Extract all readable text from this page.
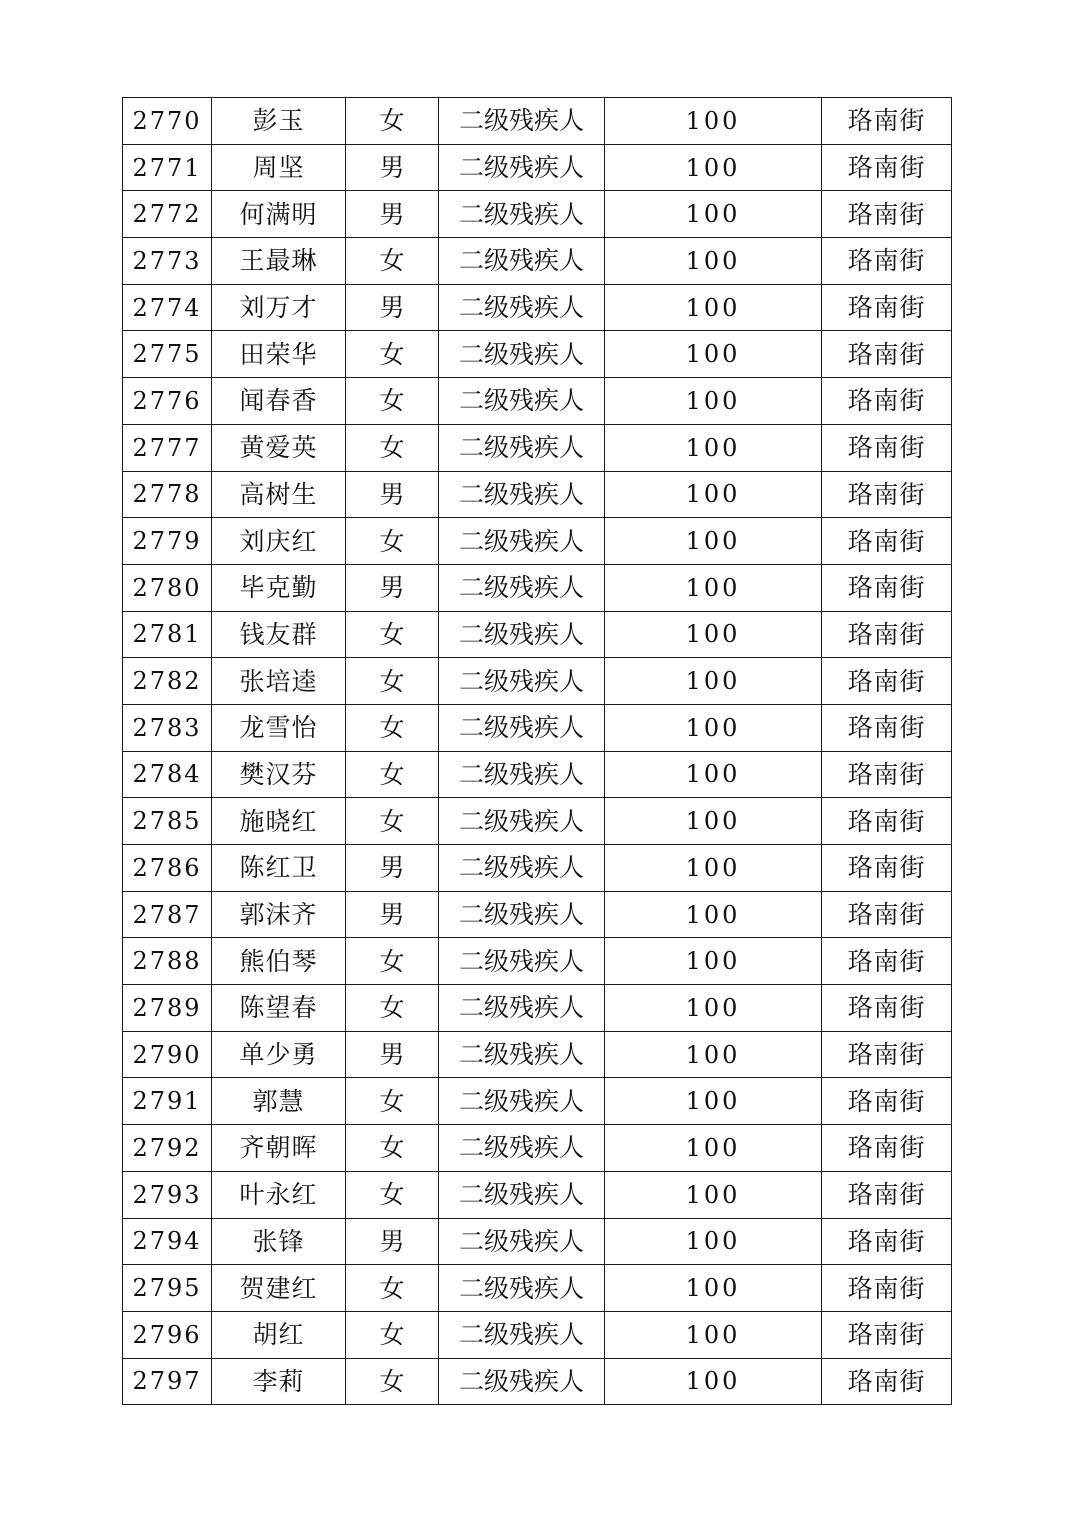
2770	彭玉	女	二级残疾人	100	珞南街
2771	周坚	男	二级残疾人	100	珞南街
2772	何满明	男	二级残疾人	100	珞南街
2773	王最琳	女	二级残疾人	100	珞南街
2774	刘万才	男	二级残疾人	100	珞南街
2775	田荣华	女	二级残疾人	100	珞南街
2776	闻春香	女	二级残疾人	100	珞南街
2777	黄爱英	女	二级残疾人	100	珞南街
2778	高树生	男	二级残疾人	100	珞南街
2779	刘庆红	女	二级残疾人	100	珞南街
2780	毕克勤	男	二级残疾人	100	珞南街
2781	钱友群	女	二级残疾人	100	珞南街
2782	张培逵	女	二级残疾人	100	珞南街
2783	龙雪怡	女	二级残疾人	100	珞南街
2784	樊汉芬	女	二级残疾人	100	珞南街
2785	施晓红	女	二级残疾人	100	珞南街
2786	陈红卫	男	二级残疾人	100	珞南街
2787	郭沫齐	男	二级残疾人	100	珞南街
2788	熊伯琴	女	二级残疾人	100	珞南街
2789	陈望春	女	二级残疾人	100	珞南街
2790	单少勇	男	二级残疾人	100	珞南街
2791	郭慧	女	二级残疾人	100	珞南街
2792	齐朝晖	女	二级残疾人	100	珞南街
2793	叶永红	女	二级残疾人	100	珞南街
2794	张锋	男	二级残疾人	100	珞南街
2795	贺建红	女	二级残疾人	100	珞南街
2796	胡红	女	二级残疾人	100	珞南街
2797	李莉	女	二级残疾人	100	珞南街
